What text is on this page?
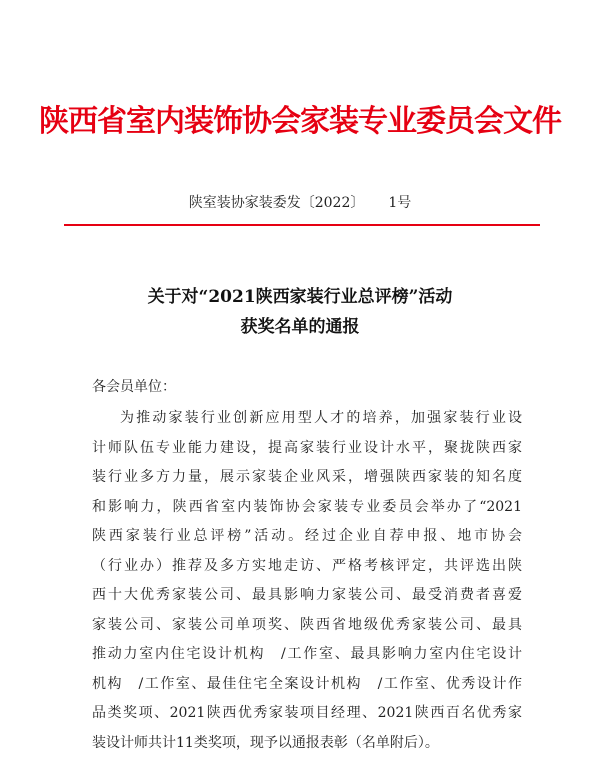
陕西省室内装饰协会家装专业委员会文件
陕室装协家装委发〔2022〕 1号
关于对“2021陕西家装行业总评榜”活动
获奖名单的通报
各会员单位：
为推动家装行业创新应用型人才的培养，加强家装行业设
计师队伍专业能力建设，提高家装行业设计水平，聚拢陕西家
装行业多方力量，展示家装企业风采，增强陕西家装的知名度
和影响力，陕西省室内装饰协会家装专业委员会举办了“2021
陕西家装行业总评榜”活动。经过企业自荐申报、地市协会
（行业办）推荐及多方实地走访、严格考核评定，共评选出陕
西十大优秀家装公司、最具影响力家装公司、最受消费者喜爱
家装公司、家装公司单项奖、陕西省地级优秀家装公司、最具
推动力室内住宅设计机构　/工作室、最具影响力室内住宅设计
机构　/工作室、最佳住宅全案设计机构　/工作室、优秀设计作
品类奖项、2021陕西优秀家装项目经理、2021陕西百名优秀家
装设计师共计11类奖项，现予以通报表彰（名单附后）。
